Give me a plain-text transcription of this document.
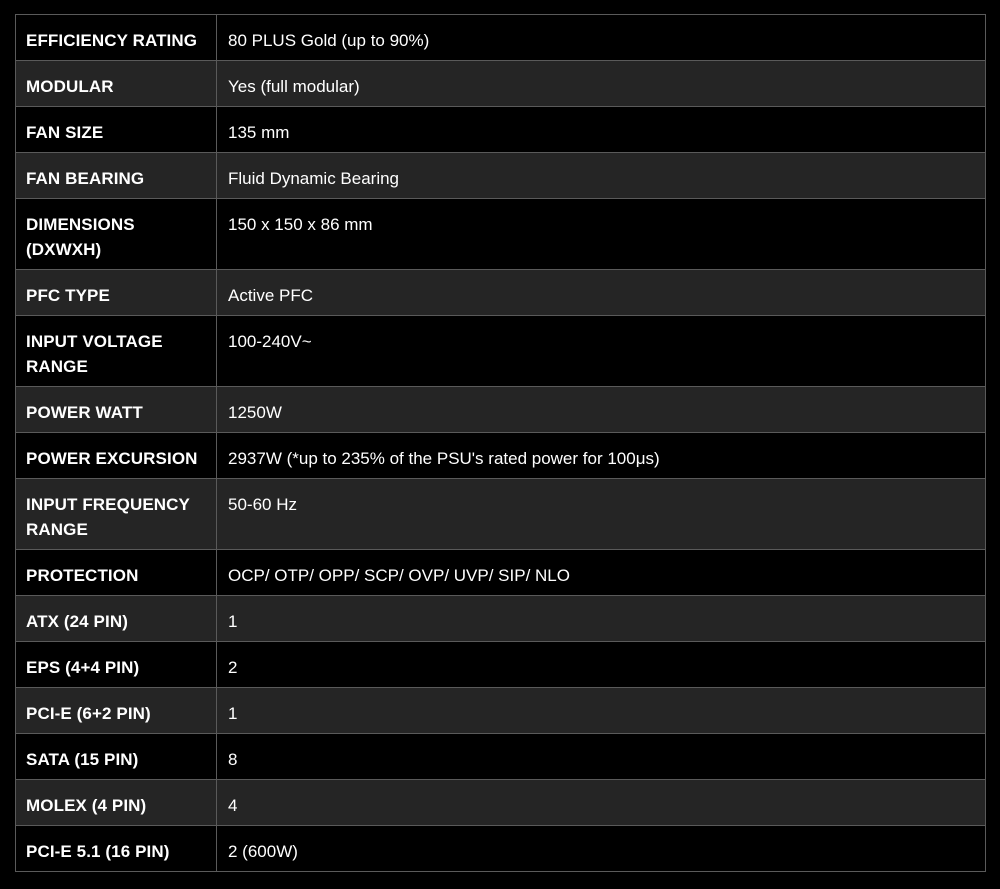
EFFICIENCY RATING	80 PLUS Gold (up to 90%)
MODULAR	Yes (full modular)
FAN SIZE	135 mm
FAN BEARING	Fluid Dynamic Bearing
DIMENSIONS (DXWXH)	150 x 150 x 86 mm
PFC TYPE	Active PFC
INPUT VOLTAGE RANGE	100-240V~
POWER WATT	1250W
POWER EXCURSION	2937W (*up to 235% of the PSU's rated power for 100μs)
INPUT FREQUENCY RANGE	50-60 Hz
PROTECTION	OCP/ OTP/ OPP/ SCP/ OVP/ UVP/ SIP/ NLO
ATX (24 PIN)	1
EPS (4+4 PIN)	2
PCI-E (6+2 PIN)	1
SATA (15 PIN)	8
MOLEX (4 PIN)	4
PCI-E 5.1 (16 PIN)	2 (600W)
